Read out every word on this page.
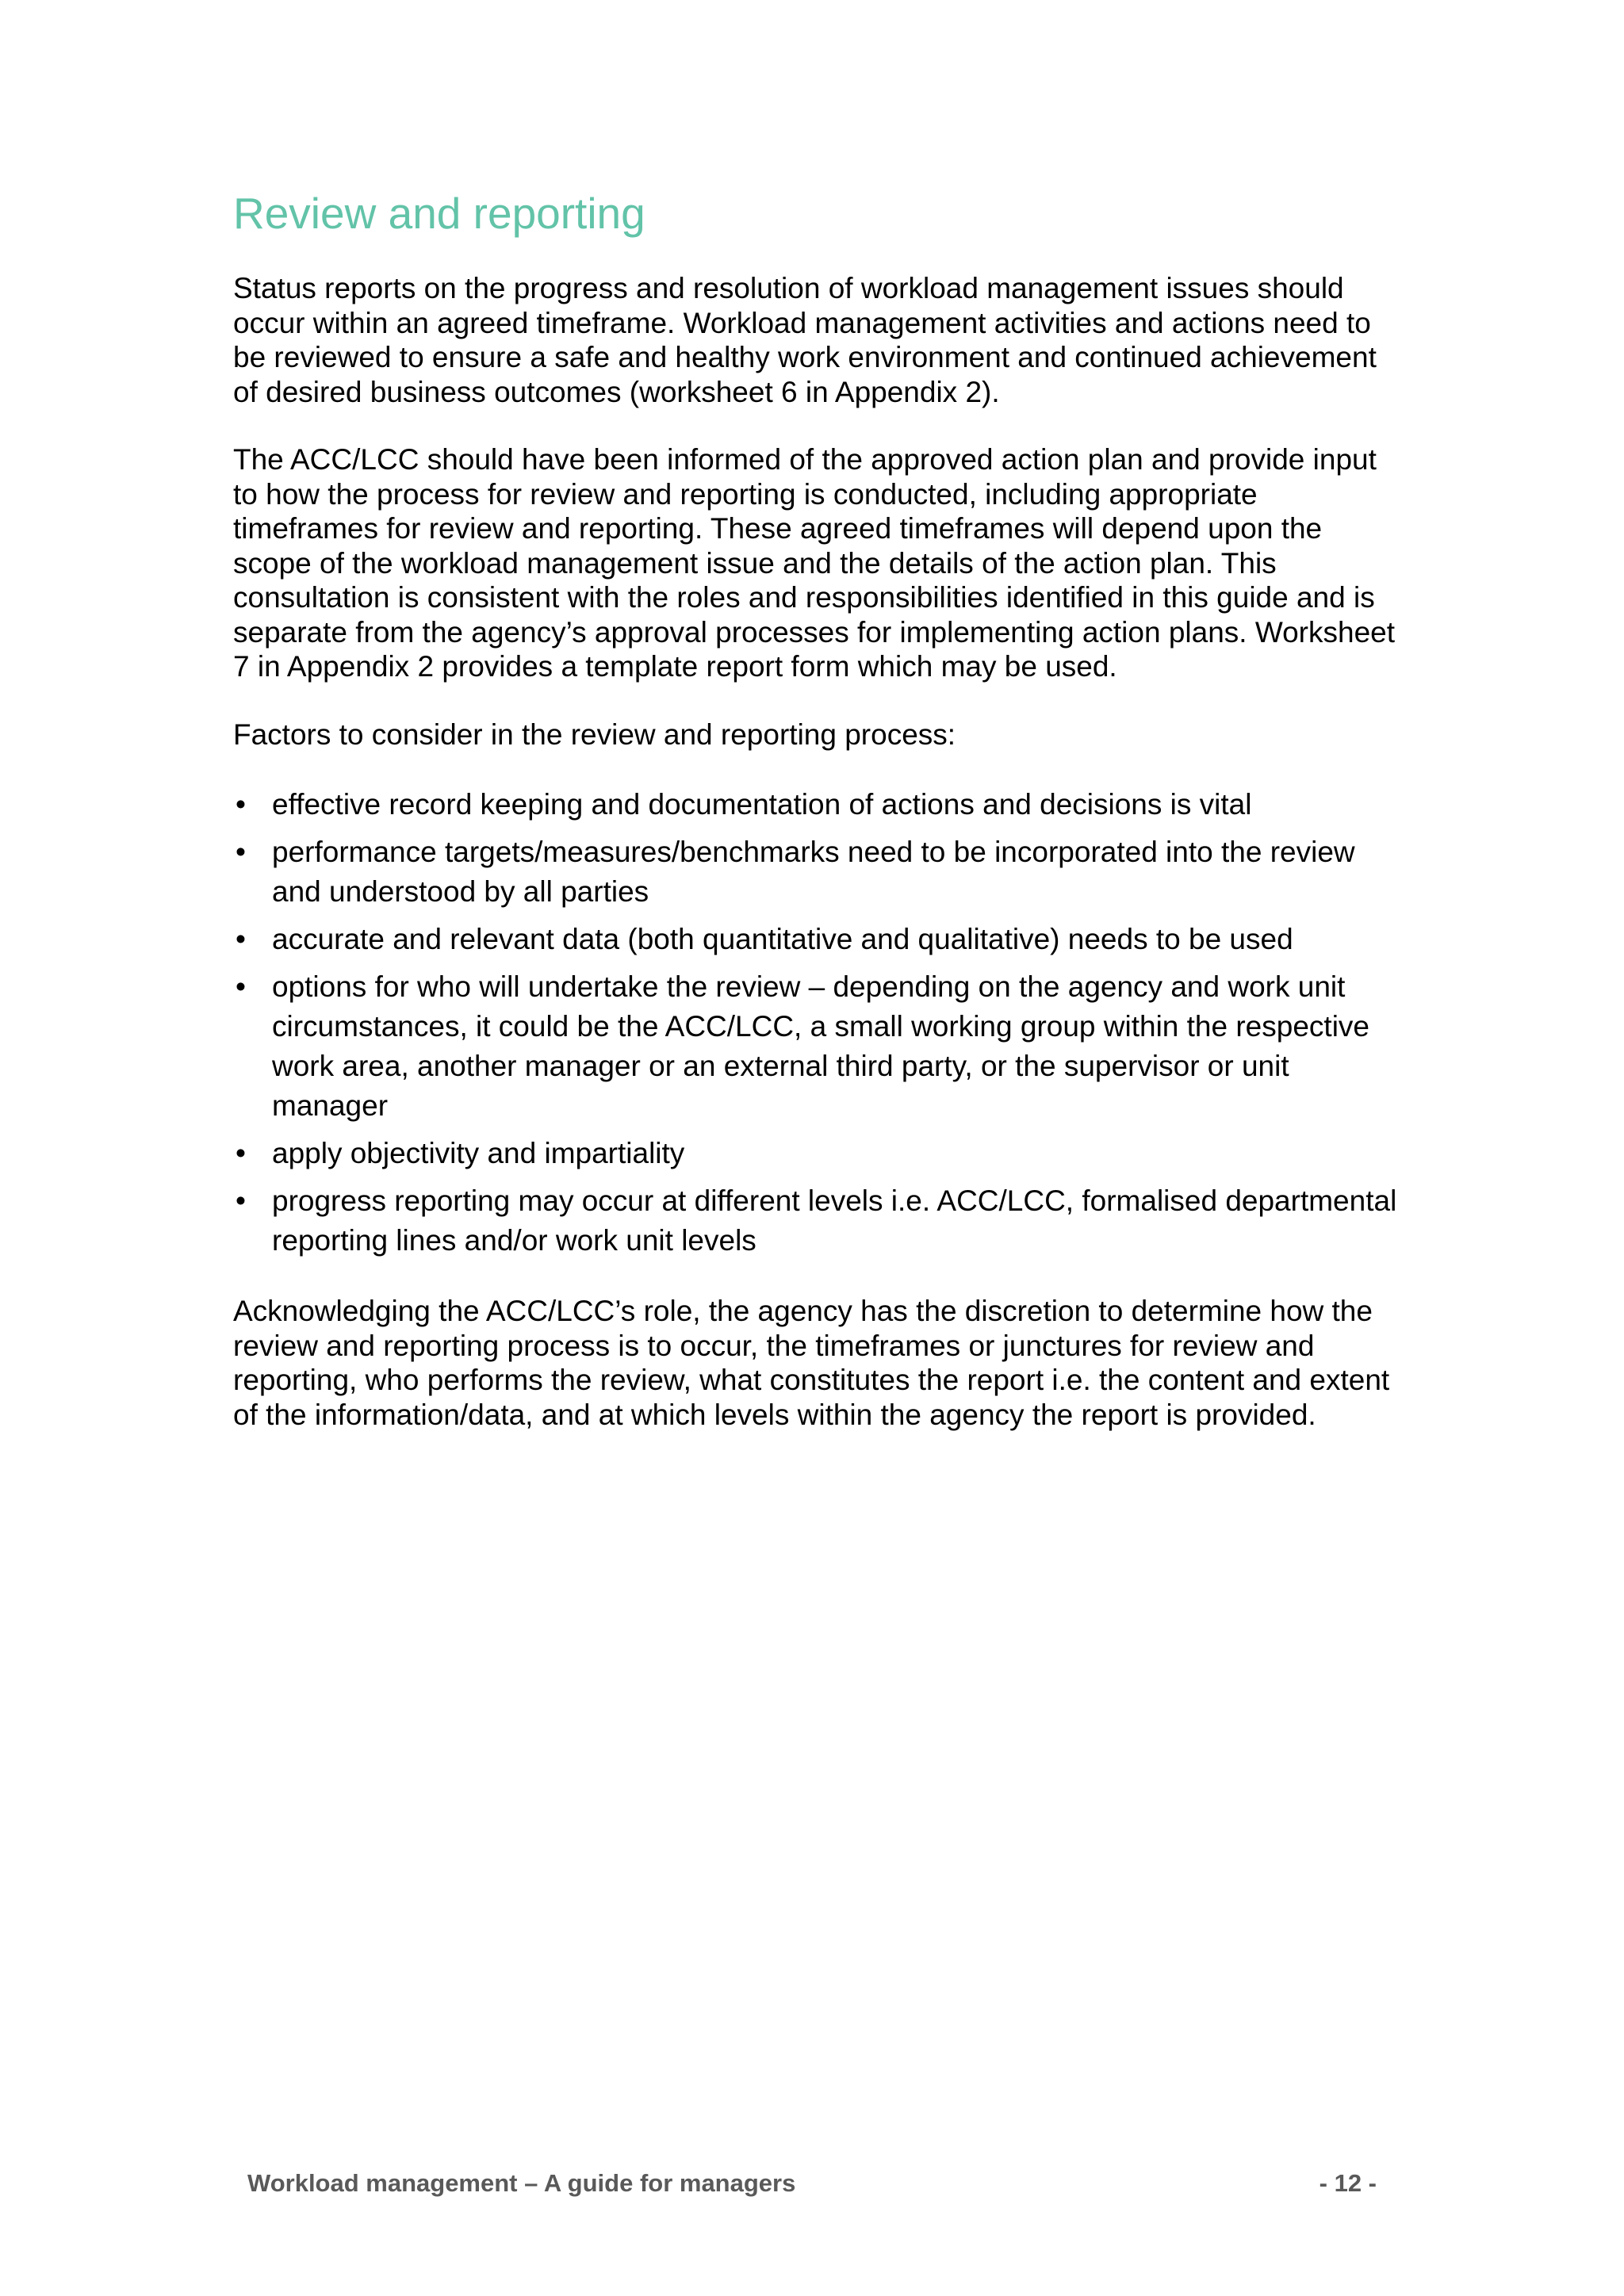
Review and reporting

Status reports on the progress and resolution of workload management issues should occur within an agreed timeframe. Workload management activities and actions need to be reviewed to ensure a safe and healthy work environment and continued achievement of desired business outcomes (worksheet 6 in Appendix 2).

The ACC/LCC should have been informed of the approved action plan and provide input to how the process for review and reporting is conducted, including appropriate timeframes for review and reporting. These agreed timeframes will depend upon the scope of the workload management issue and the details of the action plan. This consultation is consistent with the roles and responsibilities identified in this guide and is separate from the agency’s approval processes for implementing action plans. Worksheet 7 in Appendix 2 provides a template report form which may be used.

Factors to consider in the review and reporting process:

• effective record keeping and documentation of actions and decisions is vital
• performance targets/measures/benchmarks need to be incorporated into the review and understood by all parties
• accurate and relevant data (both quantitative and qualitative) needs to be used
• options for who will undertake the review – depending on the agency and work unit circumstances, it could be the ACC/LCC, a small working group within the respective work area, another manager or an external third party, or the supervisor or unit manager
• apply objectivity and impartiality
• progress reporting may occur at different levels i.e. ACC/LCC, formalised departmental reporting lines and/or work unit levels

Acknowledging the ACC/LCC’s role, the agency has the discretion to determine how the review and reporting process is to occur, the timeframes or junctures for review and reporting, who performs the review, what constitutes the report i.e. the content and extent of the information/data, and at which levels within the agency the report is provided.

Workload management – A guide for managers	- 12 -
